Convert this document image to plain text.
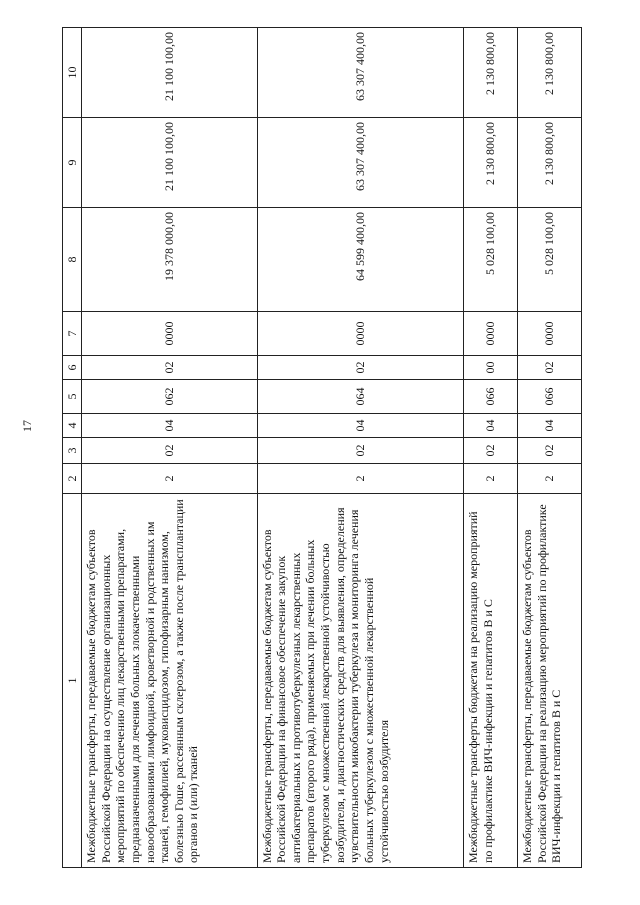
17
1	2	3	4	5	6	7	8	9	10
Межбюджетные трансферты, передаваемые бюджетам субъектов Российской Федерации на осуществление организационных мероприятий по обеспечению лиц лекарственными препаратами, предназначенными для лечения больных злокачественными новообразованиями лимфоидной, кроветворной и родственных им тканей, гемофилией, муковисцидозом, гипофизарным нанизмом, болезнью Гоше, рассеянным склерозом, а также после трансплантации органов и (или) тканей	2	02	04	062	02	0000	19 378 000,00	21 100 100,00	21 100 100,00
Межбюджетные трансферты, передаваемые бюджетам субъектов Российской Федерации на финансовое обеспечение закупок антибактериальных и противотуберкулезных лекарственных препаратов (второго ряда), применяемых при лечении больных туберкулезом с множественной лекарственной устойчивостью возбудителя, и диагностических средств для выявления, определения чувствительности микобактерии туберкулеза и мониторинга лечения больных туберкулезом с множественной лекарственной устойчивостью возбудителя	2	02	04	064	02	0000	64 599 400,00	63 307 400,00	63 307 400,00
Межбюджетные трансферты бюджетам на реализацию мероприятий по профилактике ВИЧ-инфекции и гепатитов В и С	2	02	04	066	00	0000	5 028 100,00	2 130 800,00	2 130 800,00
Межбюджетные трансферты, передаваемые бюджетам субъектов Российской Федерации на реализацию мероприятий по профилактике ВИЧ-инфекции и гепатитов В и С	2	02	04	066	02	0000	5 028 100,00	2 130 800,00	2 130 800,00
